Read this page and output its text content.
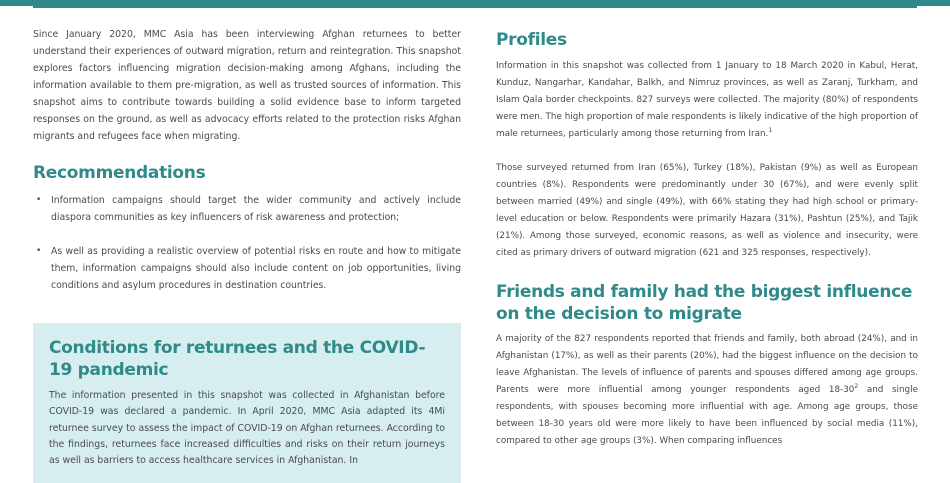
Since January 2020, MMC Asia has been interviewing Afghan returnees to better understand their experiences of outward migration, return and reintegration. This snapshot explores factors influencing migration decision-making among Afghans, including the information available to them pre-migration, as well as trusted sources of information. This snapshot aims to contribute towards building a solid evidence base to inform targeted responses on the ground, as well as advocacy efforts related to the protection risks Afghan migrants and refugees face when migrating.

Recommendations
• Information campaigns should target the wider community and actively include diaspora communities as key influencers of risk awareness and protection;
• As well as providing a realistic overview of potential risks en route and how to mitigate them, information campaigns should also include content on job opportunities, living conditions and asylum procedures in destination countries.
Conditions for returnees and the COVID-19 pandemic

The information presented in this snapshot was collected in Afghanistan before COVID-19 was declared a pandemic. In April 2020, MMC Asia adapted its 4Mi returnee survey to assess the impact of COVID-19 on Afghan returnees. According to the findings, returnees face increased difficulties and risks on their return journeys as well as barriers to access healthcare services in Afghanistan. In

Profiles

Information in this snapshot was collected from 1 January to 18 March 2020 in Kabul, Herat, Kunduz, Nangarhar, Kandahar, Balkh, and Nimruz provinces, as well as Zaranj, Turkham, and Islam Qala border checkpoints. 827 surveys were collected. The majority (80%) of respondents were men. The high proportion of male respondents is likely indicative of the high proportion of male returnees, particularly among those returning from Iran.$^1$

Those surveyed returned from Iran (65%), Turkey (18%), Pakistan (9%) as well as European countries (8%). Respondents were predominantly under 30 (67%), and were evenly split between married (49%) and single (49%), with 66% stating they had high school or primary-level education or below. Respondents were primarily Hazara (31%), Pashtun (25%), and Tajik (21%). Among those surveyed, economic reasons, as well as violence and insecurity, were cited as primary drivers of outward migration (621 and 325 responses, respectively).

Friends and family had the biggest influence on the decision to migrate

A majority of the 827 respondents reported that friends and family, both abroad (24%), and in Afghanistan (17%), as well as their parents (20%), had the biggest influence on the decision to leave Afghanistan. The levels of influence of parents and spouses differed among age groups. Parents were more influential among younger respondents aged $18-30^2$ and single respondents, with spouses becoming more influential with age. Among age groups, those between 18-30 years old were more likely to have been influenced by social media (11%), compared to other age groups (3%). When comparing influences
